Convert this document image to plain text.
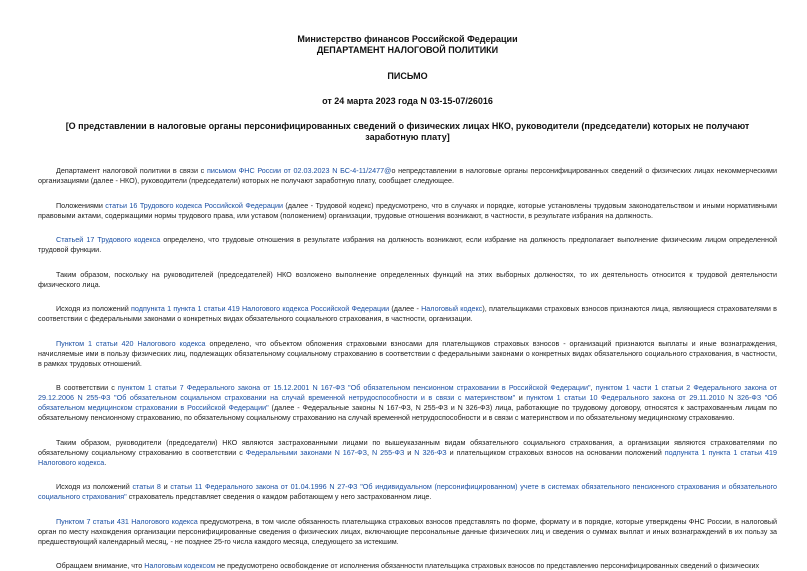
Министерство финансов Российской Федерации
ДЕПАРТАМЕНТ НАЛОГОВОЙ ПОЛИТИКИ
ПИСЬМО
от 24 марта 2023 года N 03-15-07/26016
[О представлении в налоговые органы персонифицированных сведений о физических лицах НКО, руководители (председатели) которых не получают заработную плату]

Департамент налоговой политики в связи с письмом ФНС России от 02.03.2023 N БС-4-11/2477@о непредставлении в налоговые органы персонифицированных сведений о физических лицах некоммерческими организациями (далее - НКО), руководители (председатели) которых не получают заработную плату, сообщает следующее.

Положениями статьи 16 Трудового кодекса Российской Федерации (далее - Трудовой кодекс) предусмотрено, что в случаях и порядке, которые установлены трудовым законодательством и иными нормативными правовыми актами, содержащими нормы трудового права, или уставом (положением) организации, трудовые отношения возникают, в частности, в результате избрания на должность.

Статьей 17 Трудового кодекса определено, что трудовые отношения в результате избрания на должность возникают, если избрание на должность предполагает выполнение физическим лицом определенной трудовой функции.

Таким образом, поскольку на руководителей (председателей) НКО возложено выполнение определенных функций на этих выборных должностях, то их деятельность относится к трудовой деятельности физического лица.

Исходя из положений подпункта 1 пункта 1 статьи 419 Налогового кодекса Российской Федерации (далее - Налоговый кодекс), плательщиками страховых взносов признаются лица, являющиеся страхователями в соответствии с федеральными законами о конкретных видах обязательного социального страхования, в частности, организации.

Пунктом 1 статьи 420 Налогового кодекса определено, что объектом обложения страховыми взносами для плательщиков страховых взносов - организаций признаются выплаты и иные вознаграждения, начисляемые ими в пользу физических лиц, подлежащих обязательному социальному страхованию в соответствии с федеральными законами о конкретных видах обязательного социального страхования, в частности, в рамках трудовых отношений.

В соответствии с пунктом 1 статьи 7 Федерального закона от 15.12.2001 N 167-ФЗ "Об обязательном пенсионном страховании в Российской Федерации", пунктом 1 части 1 статьи 2 Федерального закона от 29.12.2006 N 255-ФЗ "Об обязательном социальном страховании на случай временной нетрудоспособности и в связи с материнством" и пунктом 1 статьи 10 Федерального закона от 29.11.2010 N 326-ФЗ "Об обязательном медицинском страховании в Российской Федерации" (далее - Федеральные законы N 167-ФЗ, N 255-ФЗ и N 326-ФЗ) лица, работающие по трудовому договору, относятся к застрахованным лицам по обязательному пенсионному страхованию, по обязательному социальному страхованию на случай временной нетрудоспособности и в связи с материнством и по обязательному медицинскому страхованию.

Таким образом, руководители (председатели) НКО являются застрахованными лицами по вышеуказанным видам обязательного социального страхования, а организации являются страхователями по обязательному социальному страхованию в соответствии с Федеральными законами N 167-ФЗ, N 255-ФЗ и N 326-ФЗ и плательщиком страховых взносов на основании положений подпункта 1 пункта 1 статьи 419 Налогового кодекса.

Исходя из положений статьи 8 и статьи 11 Федерального закона от 01.04.1996 N 27-ФЗ "Об индивидуальном (персонифицированном) учете в системах обязательного пенсионного страхования и обязательного социального страхования" страхователь представляет сведения о каждом работающем у него застрахованном лице.

Пунктом 7 статьи 431 Налогового кодекса предусмотрена, в том числе обязанность плательщика страховых взносов представлять по форме, формату и в порядке, которые утверждены ФНС России, в налоговый орган по месту нахождения организации персонифицированные сведения о физических лицах, включающие персональные данные физических лиц и сведения о суммах выплат и иных вознаграждений в их пользу за предшествующий календарный месяц, - не позднее 25-го числа каждого месяца, следующего за истекшим.

Обращаем внимание, что Налоговым кодексом не предусмотрено освобождение от исполнения обязанности плательщика страховых взносов по представлению персонифицированных сведений о физических
